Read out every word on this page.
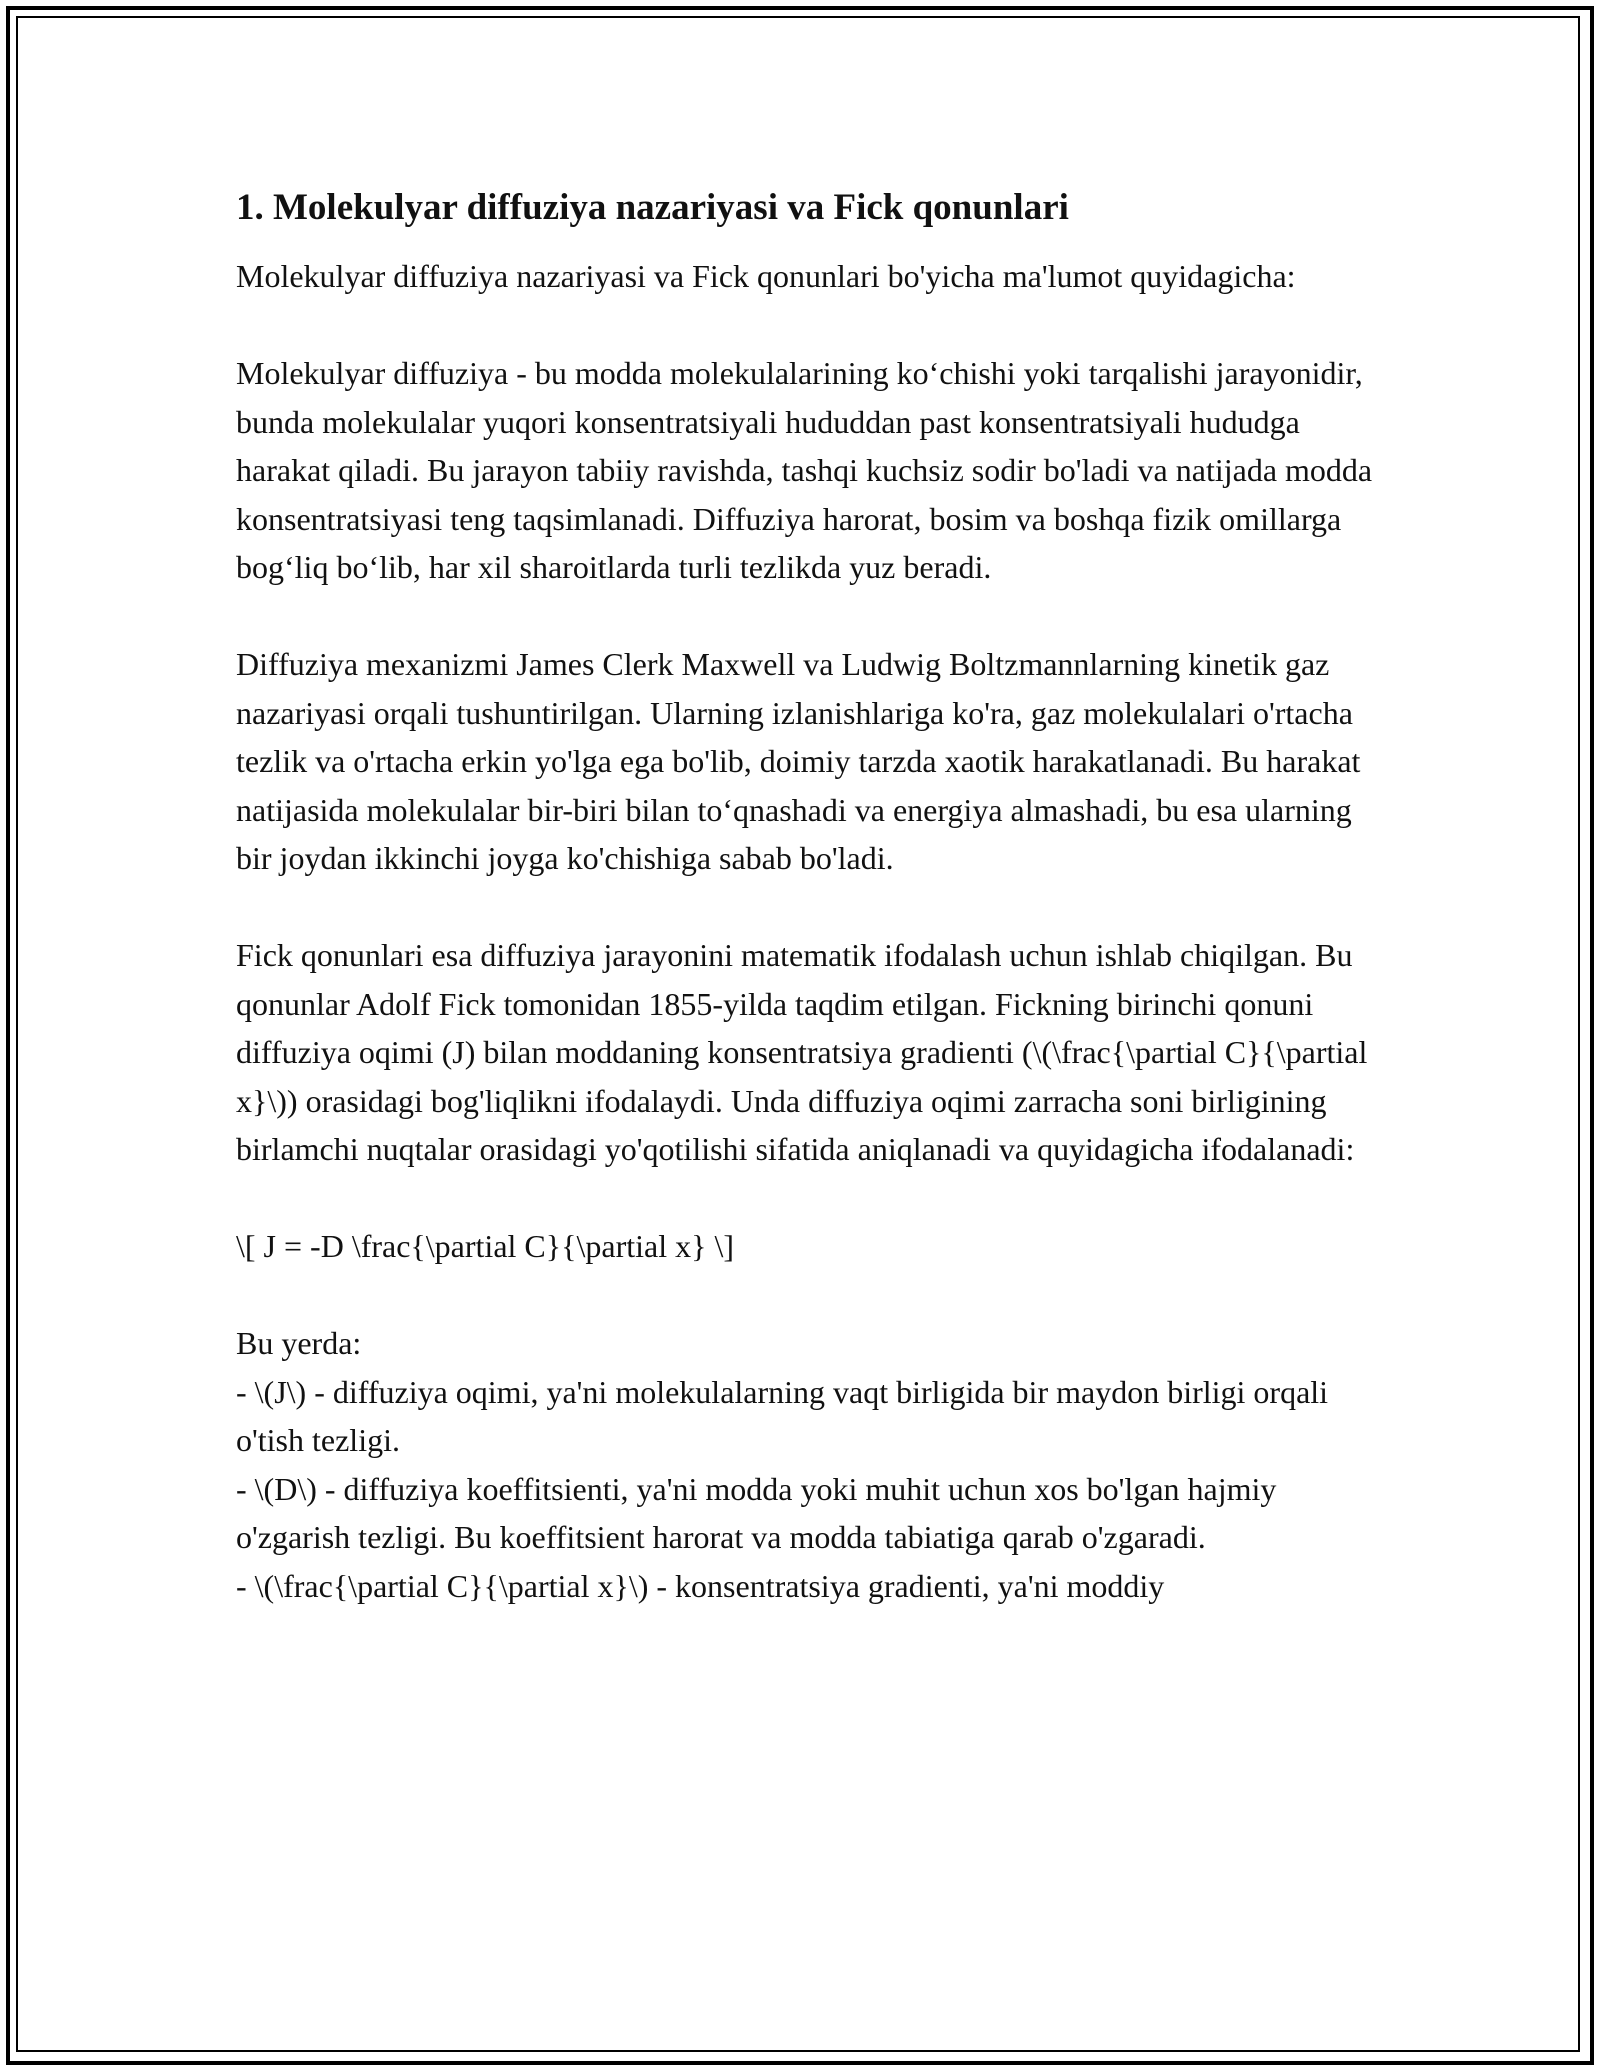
1. Molekulyar diffuziya nazariyasi va Fick qonunlari
Molekulyar diffuziya nazariyasi va Fick qonunlari bo'yicha ma'lumot quyidagicha:
Molekulyar diffuziya - bu modda molekulalarining koʻchishi yoki tarqalishi jarayonidir, bunda molekulalar yuqori konsentratsiyali hududdan past konsentratsiyali hududga harakat qiladi. Bu jarayon tabiiy ravishda, tashqi kuchsiz sodir bo'ladi va natijada modda konsentratsiyasi teng taqsimlanadi. Diffuziya harorat, bosim va boshqa fizik omillarga bogʻliq boʻlib, har xil sharoitlarda turli tezlikda yuz beradi.
Diffuziya mexanizmi James Clerk Maxwell va Ludwig Boltzmannlarning kinetik gaz nazariyasi orqali tushuntirilgan. Ularning izlanishlariga ko'ra, gaz molekulalari o'rtacha tezlik va o'rtacha erkin yo'lga ega bo'lib, doimiy tarzda xaotik harakatlanadi. Bu harakat natijasida molekulalar bir-biri bilan toʻqnashadi va energiya almashadi, bu esa ularning bir joydan ikkinchi joyga ko'chishiga sabab bo'ladi.
Fick qonunlari esa diffuziya jarayonini matematik ifodalash uchun ishlab chiqilgan. Bu qonunlar Adolf Fick tomonidan 1855-yilda taqdim etilgan. Fickning birinchi qonuni diffuziya oqimi (J) bilan moddaning konsentratsiya gradienti (\(\frac{\partial C}{\partial x}\)) orasidagi bog'liqlikni ifodalaydi. Unda diffuziya oqimi zarracha soni birligining birlamchi nuqtalar orasidagi yo'qotilishi sifatida aniqlanadi va quyidagicha ifodalanadi:
\[ J = -D \frac{\partial C}{\partial x} \]
Bu yerda:
- \(J\) - diffuziya oqimi, ya'ni molekulalarning vaqt birligida bir maydon birligi orqali o'tish tezligi.
- \(D\) - diffuziya koeffitsienti, ya'ni modda yoki muhit uchun xos bo'lgan hajmiy o'zgarish tezligi. Bu koeffitsient harorat va modda tabiatiga qarab o'zgaradi.
- \(\frac{\partial C}{\partial x}\) - konsentratsiya gradienti, ya'ni moddiy
